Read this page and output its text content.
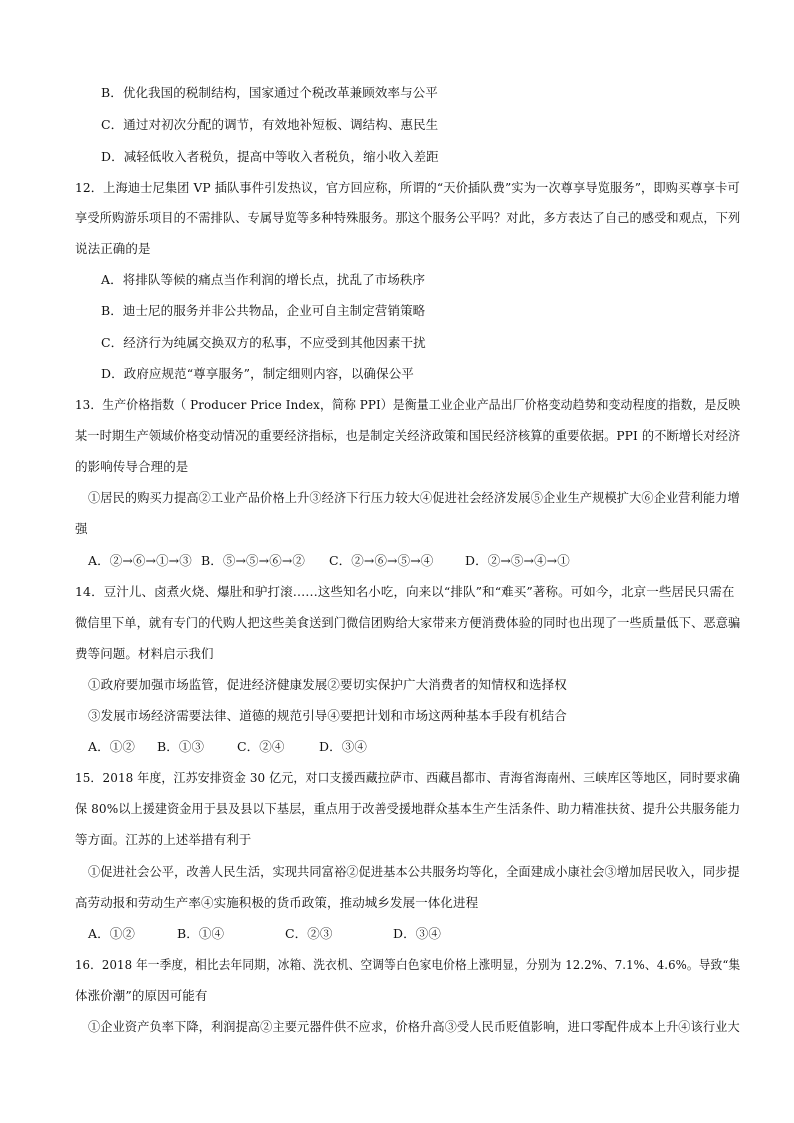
B．优化我国的税制结构，国家通过个税改革兼顾效率与公平
C．通过对初次分配的调节，有效地补短板、调结构、惠民生
D．减轻低收入者税负，提高中等收入者税负，缩小收入差距
12．上海迪士尼集团 VP 插队事件引发热议，官方回应称，所谓的“天价插队费”实为一次尊享导览服务”，即购买尊享卡可
享受所购游乐项目的不需排队、专属导览等多种特殊服务。那这个服务公平吗？对此，多方表达了自己的感受和观点，下列
说法正确的是
A．将排队等候的痛点当作利润的增长点，扰乱了市场秩序
B．迪士尼的服务并非公共物品，企业可自主制定营销策略
C．经济行为纯属交换双方的私事，不应受到其他因素干扰
D．政府应规范“尊享服务”，制定细则内容，以确保公平
13．生产价格指数（ Producer Price Index，简称 PPI）是衡量工业企业产品出厂价格变动趋势和变动程度的指数，是反映
某一时期生产领域价格变动情况的重要经济指标，也是制定关经济政策和国民经济核算的重要依据。PPI 的不断增长对经济
的影响传导合理的是
①居民的购买力提高②工业产品价格上升③经济下行压力较大④促进社会经济发展⑤企业生产规模扩大⑥企业营利能力增
强
A．②→⑥→①→③ B．⑤→⑤→⑥→② C．②→⑥→⑤→④	D．②→⑤→④→①
14．豆汁儿、卤煮火烧、爆肚和驴打滚……这些知名小吃，向来以“排队”和“难买”著称。可如今，北京一些居民只需在
微信里下单，就有专门的代购人把这些美食送到门微信团购给大家带来方便消费体验的同时也出现了一些质量低下、恶意骗
费等问题。材料启示我们
①政府要加强市场监管，促进经济健康发展②要切实保护广大消费者的知情权和选择权
③发展市场经济需要法律、道德的规范引导④要把计划和市场这两种基本手段有机结合
A．①② B．①③	C．②④	D．③④
15．2018 年度，江苏安排资金 30 亿元，对口支援西藏拉萨市、西藏昌都市、青海省海南州、三峡库区等地区，同时要求确
保 80%以上援建资金用于县及县以下基层，重点用于改善受援地群众基本生产生活条件、助力精准扶贫、提升公共服务能力
等方面。江苏的上述举措有利于
①促进社会公平，改善人民生活，实现共同富裕②促进基本公共服务均等化，全面建成小康社会③增加居民收入，同步提
高劳动报和劳动生产率④实施积极的货币政策，推动城乡发展一体化进程
A．①②	B．①④	C．②③	D．③④
16．2018 年一季度，相比去年同期，冰箱、洗衣机、空调等白色家电价格上涨明显，分别为 12.2%、7.1%、4.6%。导致“集
体涨价潮”的原因可能有
①企业资产负率下降，利润提高②主要元器件供不应求，价格升高③受人民币贬值影响，进口零配件成本上升④该行业大
